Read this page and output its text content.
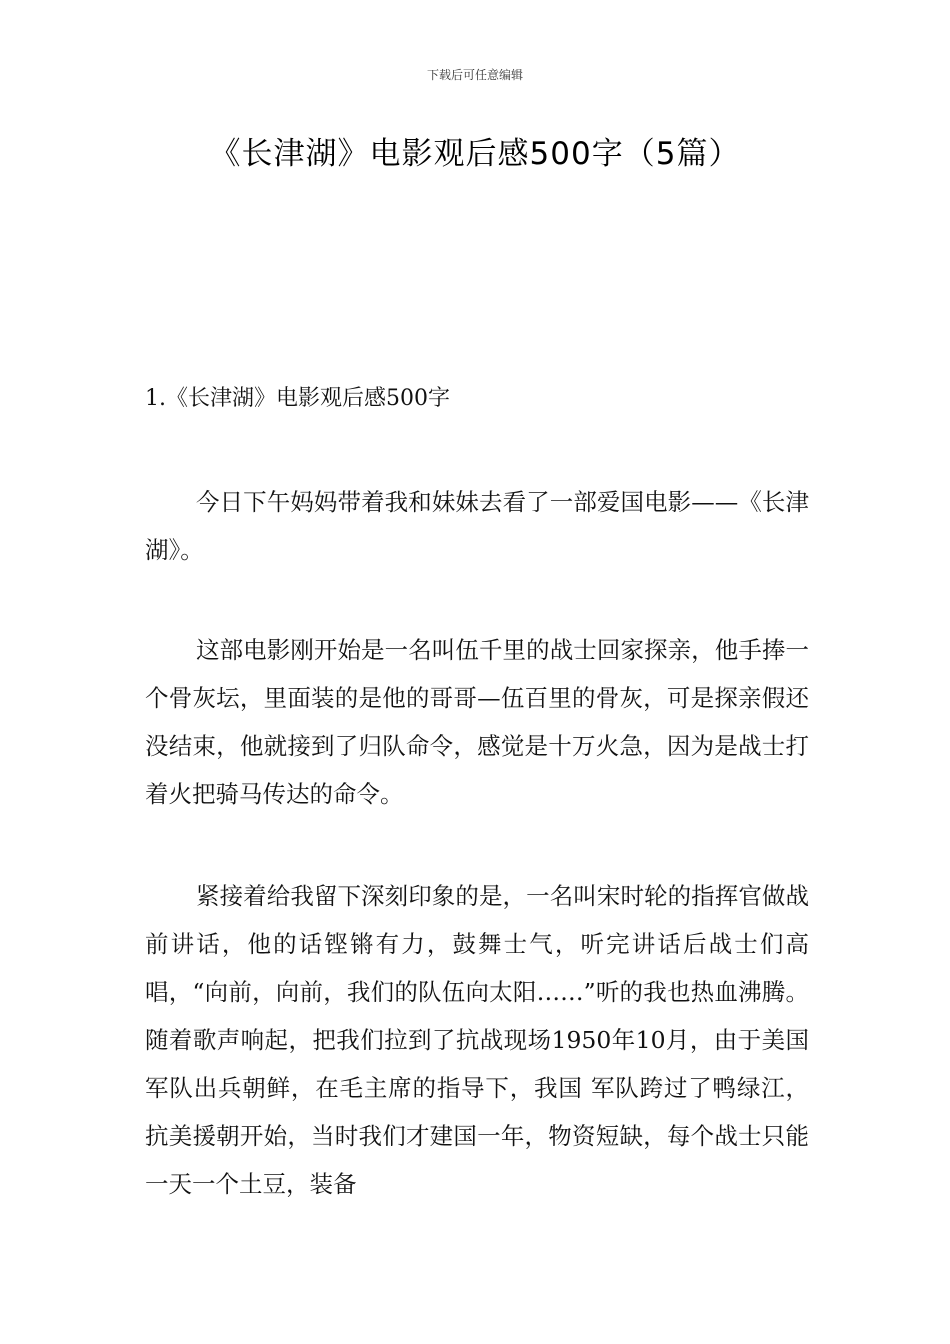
下载后可任意编辑
《长津湖》电影观后感500字（5篇）
1.《长津湖》电影观后感500字

今日下午妈妈带着我和妹妹去看了一部爱国电影——《长津湖》。

这部电影刚开始是一名叫伍千里的战士回家探亲，他手捧一个骨灰坛，里面装的是他的哥哥—伍百里的骨灰，可是探亲假还没结束，他就接到了归队命令，感觉是十万火急，因为是战士打着火把骑马传达的命令。

紧接着给我留下深刻印象的是，一名叫宋时轮的指挥官做战前讲话，他的话铿锵有力，鼓舞士气，听完讲话后战士们高唱，“向前，向前，我们的队伍向太阳……”听的我也热血沸腾。随着歌声响起，把我们拉到了抗战现场1950年10月，由于美国 军队出兵朝鲜，在毛主席的指导下，我国 军队跨过了鸭绿江，抗美援朝开始，当时我们才建国一年，物资短缺，每个战士只能一天一个土豆，装备
